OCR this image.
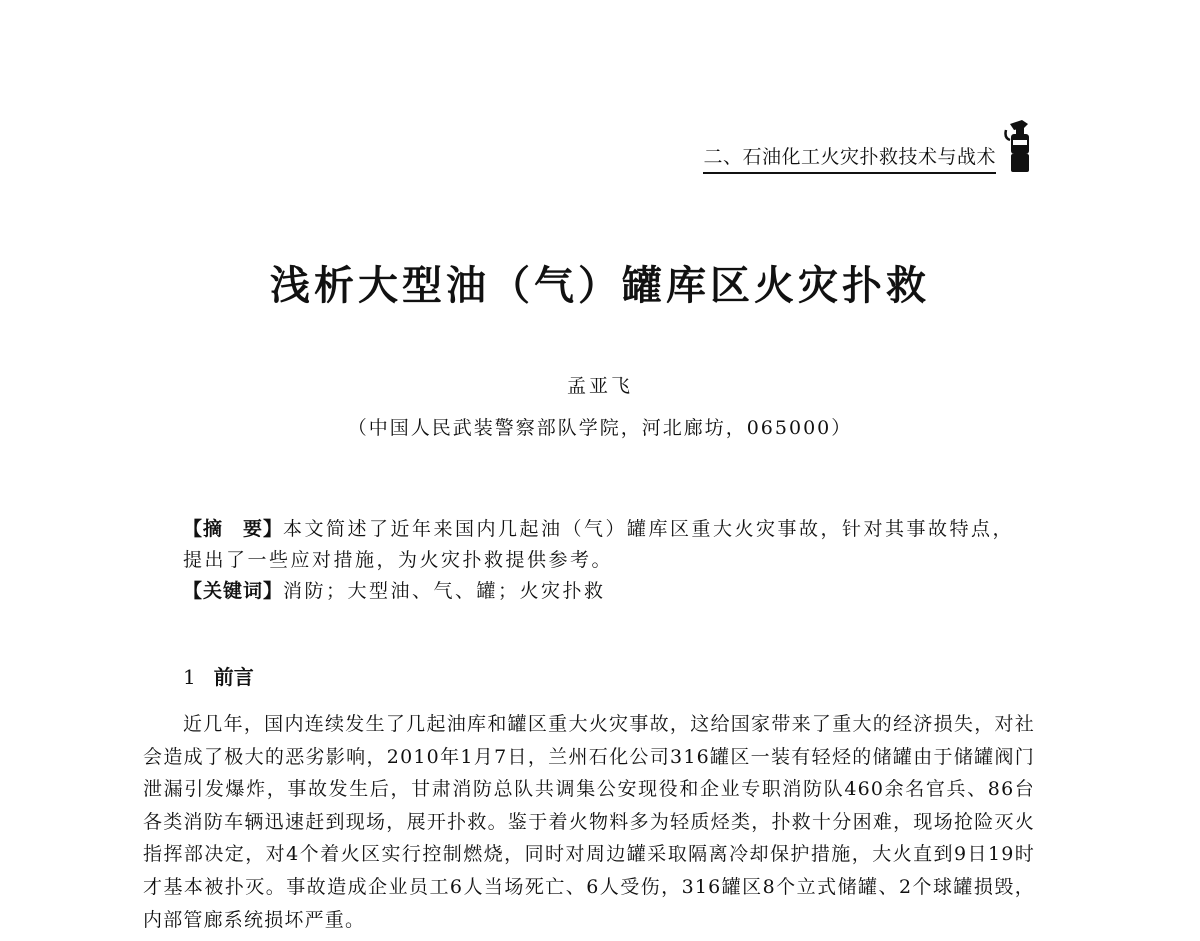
二、石油化工火灾扑救技术与战术
浅析大型油（气）罐库区火灾扑救
孟亚飞
（中国人民武装警察部队学院，河北廊坊，065000）

【摘　要】本文简述了近年来国内几起油（气）罐库区重大火灾事故，针对其事故特点，提出了一些应对措施，为火灾扑救提供参考。

【关键词】消防；大型油、气、罐；火灾扑救

1 前言

近几年，国内连续发生了几起油库和罐区重大火灾事故，这给国家带来了重大的经济损失，对社会造成了极大的恶劣影响，2010年1月7日，兰州石化公司316罐区一装有轻烃的储罐由于储罐阀门泄漏引发爆炸，事故发生后，甘肃消防总队共调集公安现役和企业专职消防队460余名官兵、86台各类消防车辆迅速赶到现场，展开扑救。鉴于着火物料多为轻质烃类，扑救十分困难，现场抢险灭火指挥部决定，对4个着火区实行控制燃烧，同时对周边罐采取隔离冷却保护措施，大火直到9日19时才基本被扑灭。事故造成企业员工6人当场死亡、6人受伤，316罐区8个立式储罐、2个球罐损毁，内部管廊系统损坏严重。
